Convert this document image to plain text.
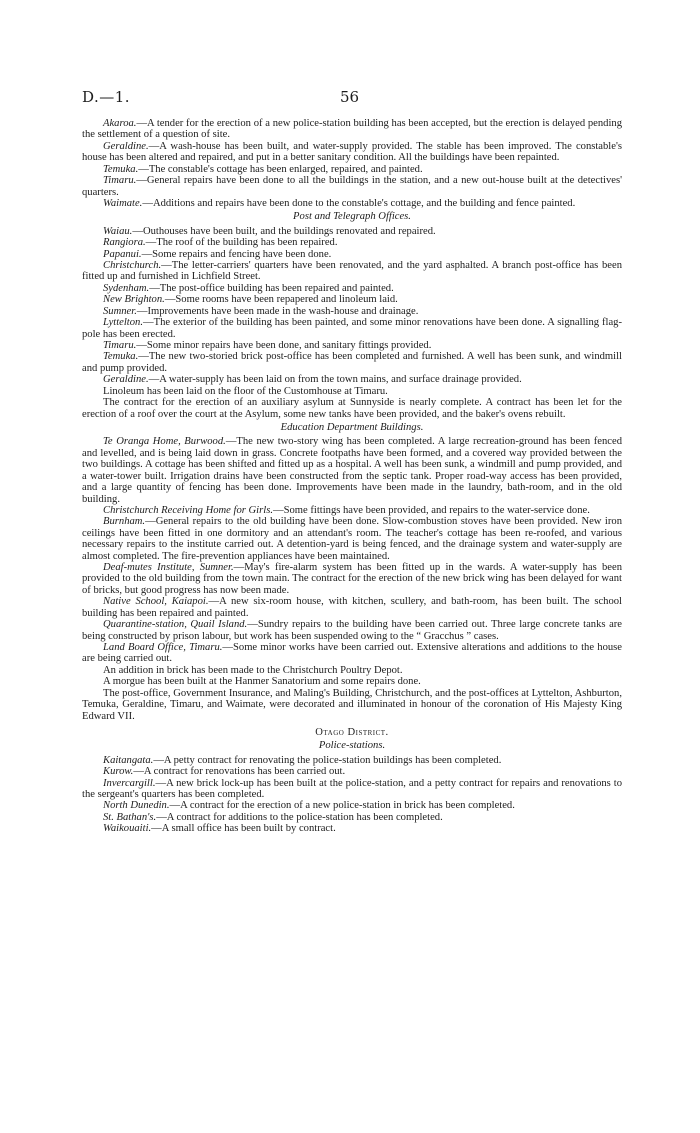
D.—1.	56

Akaroa.—A tender for the erection of a new police-station building has been accepted, but the erection is delayed pending the settlement of a question of site.

Geraldine.—A wash-house has been built, and water-supply provided. The stable has been improved. The constable's house has been altered and repaired, and put in a better sanitary condition. All the buildings have been repainted.

Temuka.—The constable's cottage has been enlarged, repaired, and painted.

Timaru.—General repairs have been done to all the buildings in the station, and a new out-house built at the detectives' quarters.

Waimate.—Additions and repairs have been done to the constable's cottage, and the building and fence painted.

Post and Telegraph Offices.

Waiau.—Outhouses have been built, and the buildings renovated and repaired.

Rangiora.—The roof of the building has been repaired.

Papanui.—Some repairs and fencing have been done.

Christchurch.—The letter-carriers' quarters have been renovated, and the yard asphalted. A branch post-office has been fitted up and furnished in Lichfield Street.

Sydenham.—The post-office building has been repaired and painted.

New Brighton.—Some rooms have been repapered and linoleum laid.

Sumner.—Improvements have been made in the wash-house and drainage.

Lyttelton.—The exterior of the building has been painted, and some minor renovations have been done. A signalling flag-pole has been erected.

Timaru.—Some minor repairs have been done, and sanitary fittings provided.

Temuka.—The new two-storied brick post-office has been completed and furnished. A well has been sunk, and windmill and pump provided.

Geraldine.—A water-supply has been laid on from the town mains, and surface drainage provided.

Linoleum has been laid on the floor of the Customhouse at Timaru.

The contract for the erection of an auxiliary asylum at Sunnyside is nearly complete. A contract has been let for the erection of a roof over the court at the Asylum, some new tanks have been provided, and the baker's ovens rebuilt.

Education Department Buildings.

Te Oranga Home, Burwood.—The new two-story wing has been completed. A large recreation-ground has been fenced and levelled, and is being laid down in grass. Concrete footpaths have been formed, and a covered way provided between the two buildings. A cottage has been shifted and fitted up as a hospital. A well has been sunk, a windmill and pump provided, and a water-tower built. Irrigation drains have been constructed from the septic tank. Proper road-way access has been provided, and a large quantity of fencing has been done. Improvements have been made in the laundry, bath-room, and in the old building.

Christchurch Receiving Home for Girls.—Some fittings have been provided, and repairs to the water-service done.

Burnham.—General repairs to the old building have been done. Slow-combustion stoves have been provided. New iron ceilings have been fitted in one dormitory and an attendant's room. The teacher's cottage has been re-roofed, and various necessary repairs to the institute carried out. A detention-yard is being fenced, and the drainage system and water-supply are almost completed. The fire-prevention appliances have been maintained.

Deaf-mutes Institute, Sumner.—May's fire-alarm system has been fitted up in the wards. A water-supply has been provided to the old building from the town main. The contract for the erection of the new brick wing has been delayed for want of bricks, but good progress has now been made.

Native School, Kaiapoi.—A new six-room house, with kitchen, scullery, and bath-room, has been built. The school building has been repaired and painted.

Quarantine-station, Quail Island.—Sundry repairs to the building have been carried out. Three large concrete tanks are being constructed by prison labour, but work has been suspended owing to the “ Gracchus ” cases.

Land Board Office, Timaru.—Some minor works have been carried out. Extensive alterations and additions to the house are being carried out.

An addition in brick has been made to the Christchurch Poultry Depot.

A morgue has been built at the Hanmer Sanatorium and some repairs done.

The post-office, Government Insurance, and Maling's Building, Christchurch, and the post-offices at Lyttelton, Ashburton, Temuka, Geraldine, Timaru, and Waimate, were decorated and illuminated in honour of the coronation of His Majesty King Edward VII.

Otago District.
Police-stations.

Kaitangata.—A petty contract for renovating the police-station buildings has been completed.

Kurow.—A contract for renovations has been carried out.

Invercargill.—A new brick lock-up has been built at the police-station, and a petty contract for repairs and renovations to the sergeant's quarters has been completed.

North Dunedin.—A contract for the erection of a new police-station in brick has been completed.

St. Bathan's.—A contract for additions to the police-station has been completed.

Waikouaiti.—A small office has been built by contract.
